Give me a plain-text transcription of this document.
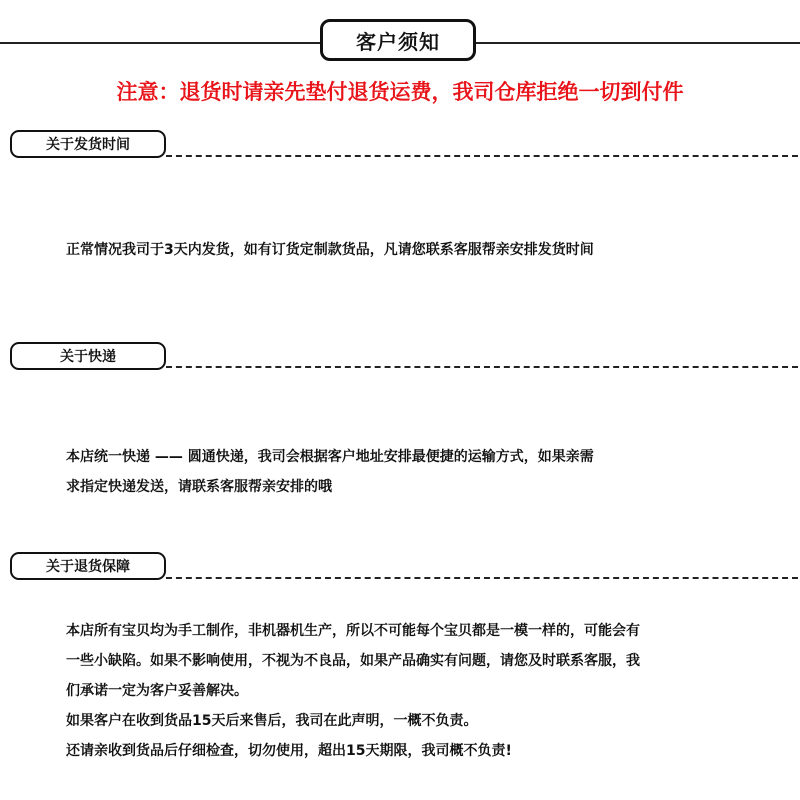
客户须知
注意：退货时请亲先垫付退货运费，我司仓库拒绝一切到付件
关于发货时间
正常情况我司于3天内发货，如有订货定制款货品，凡请您联系客服帮亲安排发货时间
关于快递
本店统一快递 —— 圆通快递，我司会根据客户地址安排最便捷的运输方式，如果亲需
求指定快递发送，请联系客服帮亲安排的哦
关于退货保障
本店所有宝贝均为手工制作，非机器机生产，所以不可能每个宝贝都是一模一样的，可能会有
一些小缺陷。如果不影响使用，不视为不良品，如果产品确实有问题，请您及时联系客服，我
们承诺一定为客户妥善解决。
如果客户在收到货品15天后来售后，我司在此声明，一概不负责。
还请亲收到货品后仔细检查，切勿使用，超出15天期限，我司概不负责!
